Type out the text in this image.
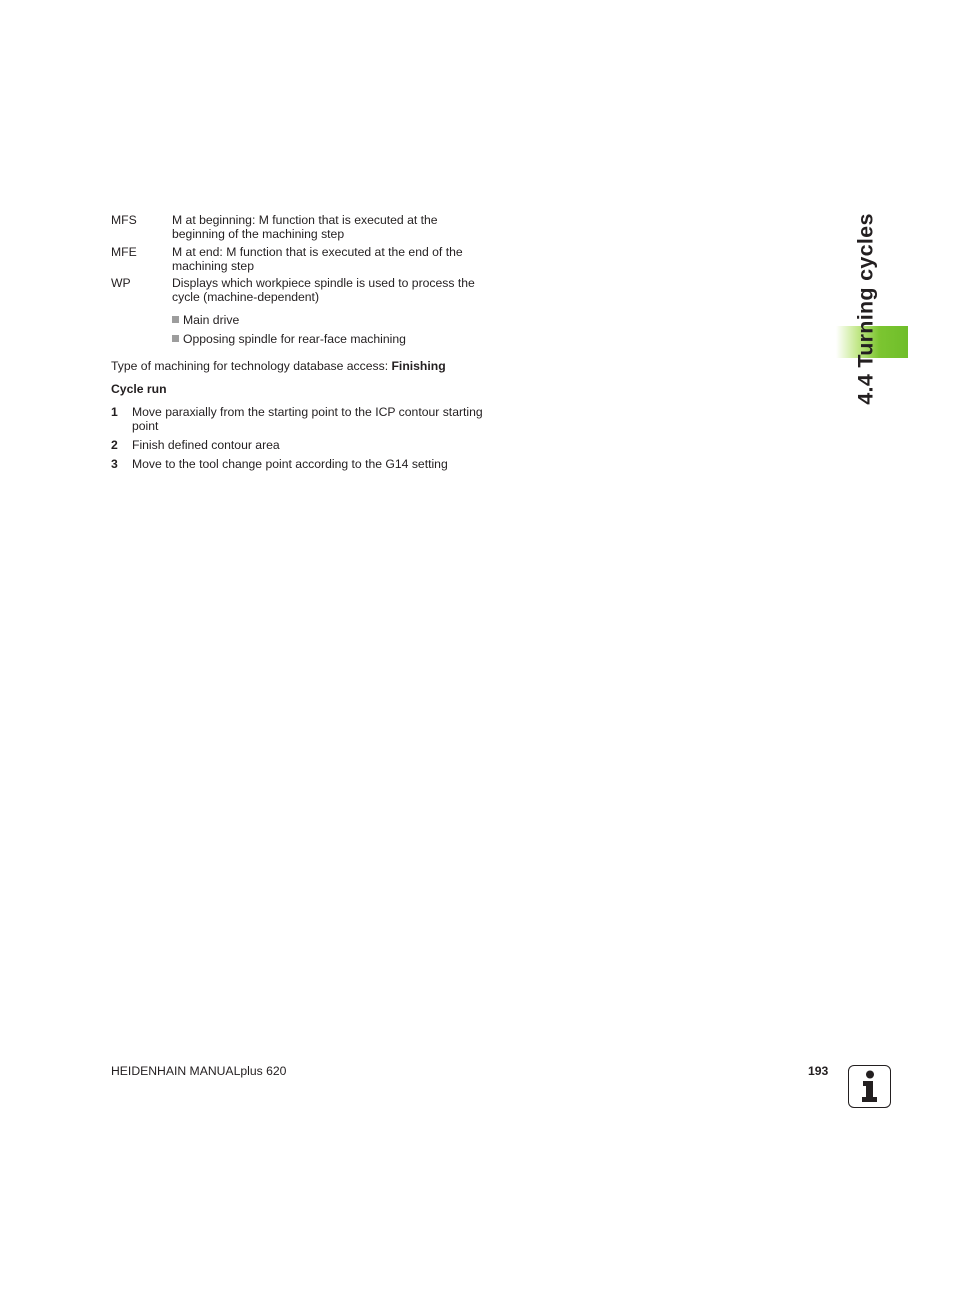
MFS	M at beginning: M function that is executed at the
beginning of the machining step
MFE	M at end: M function that is executed at the end of the
machining step
WP	Displays which workpiece spindle is used to process the
cycle (machine-dependent)
Main drive
Opposing spindle for rear-face machining
Type of machining for technology database access: Finishing
Cycle run
1 Move paraxially from the starting point to the ICP contour starting
point
2 Finish defined contour area
3 Move to the tool change point according to the G14 setting
4.4 Turning cycles
HEIDENHAIN MANUALplus 620	193
